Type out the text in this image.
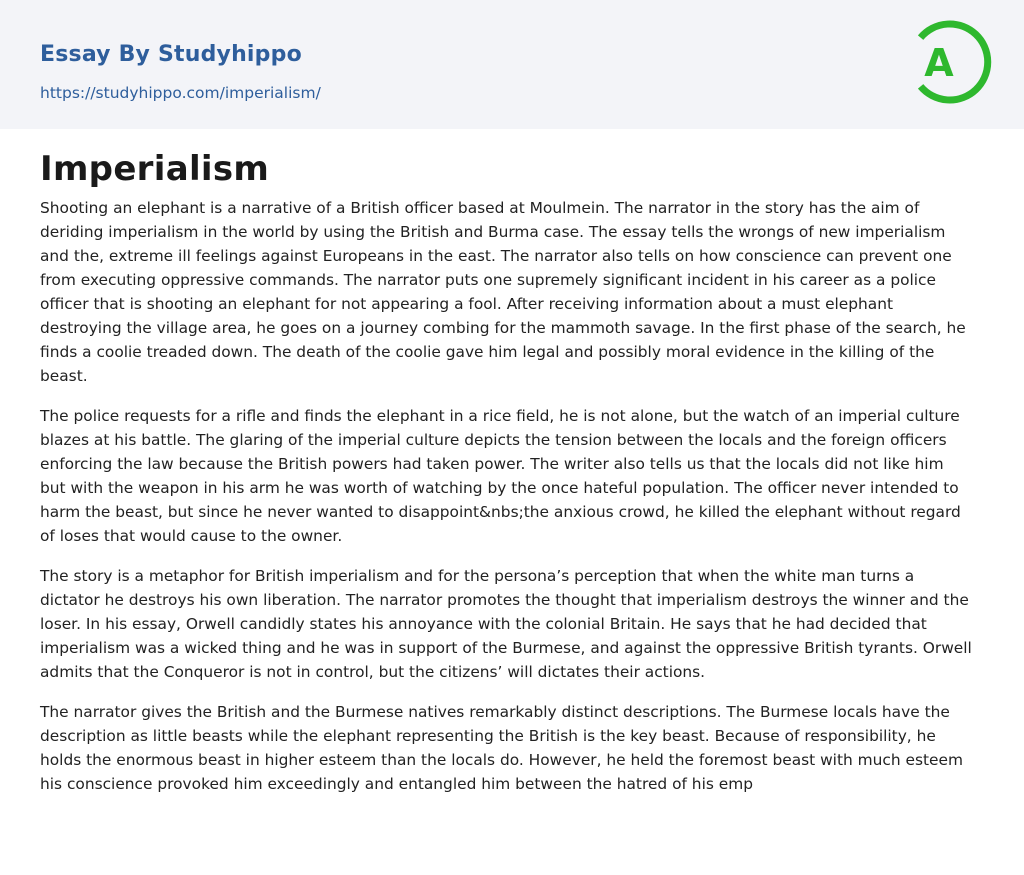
Essay By Studyhippo
https://studyhippo.com/imperialism/
A
Imperialism

Shooting an elephant is a narrative of a British officer based at Moulmein. The narrator in the story has the aim of deriding imperialism in the world by using the British and Burma case. The essay tells the wrongs of new imperialism and the, extreme ill feelings against Europeans in the east. The narrator also tells on how conscience can prevent one from executing oppressive commands. The narrator puts one supremely significant incident in his career as a police officer that is shooting an elephant for not appearing a fool. After receiving information about a must elephant destroying the village area, he goes on a journey combing for the mammoth savage. In the first phase of the search, he finds a coolie treaded down. The death of the coolie gave him legal and possibly moral evidence in the killing of the beast.

The police requests for a rifle and finds the elephant in a rice field, he is not alone, but the watch of an imperial culture blazes at his battle. The glaring of the imperial culture depicts the tension between the locals and the foreign officers enforcing the law because the British powers had taken power. The writer also tells us that the locals did not like him but with the weapon in his arm he was worth of watching by the once hateful population. The officer never intended to harm the beast, but since he never wanted to disappoint&nbs;the anxious crowd, he killed the elephant without regard of loses that would cause to the owner.

The story is a metaphor for British imperialism and for the persona’s perception that when the white man turns a dictator he destroys his own liberation. The narrator promotes the thought that imperialism destroys the winner and the loser. In his essay, Orwell candidly states his annoyance with the colonial Britain. He says that he had decided that imperialism was a wicked thing and he was in support of the Burmese, and against the oppressive British tyrants. Orwell admits that the Conqueror is not in control, but the citizens’ will dictates their actions.

The narrator gives the British and the Burmese natives remarkably distinct descriptions. The Burmese locals have the description as little beasts while the elephant representing the British is the key beast. Because of responsibility, he holds the enormous beast in higher esteem than the locals do. However, he held the foremost beast with much esteem his conscience provoked him exceedingly and entangled him between the hatred of his emp
